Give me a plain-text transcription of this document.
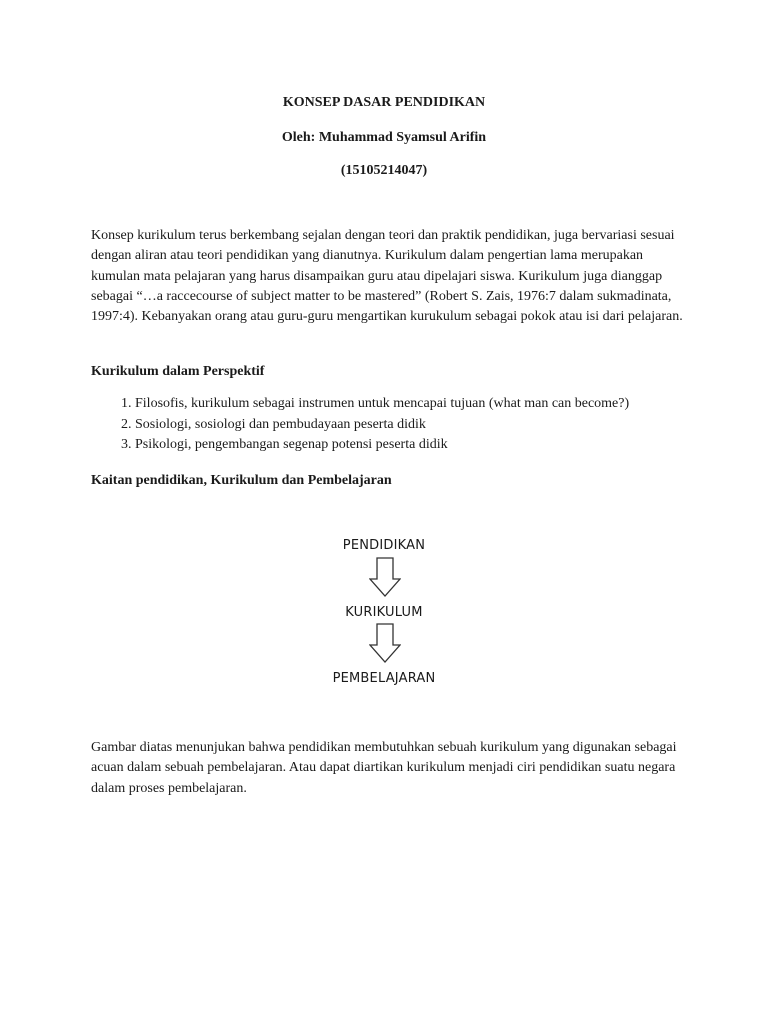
KONSEP DASAR PENDIDIKAN
Oleh: Muhammad Syamsul Arifin
(15105214047)

Konsep kurikulum terus berkembang sejalan dengan teori dan praktik pendidikan, juga bervariasi sesuai dengan aliran atau teori pendidikan yang dianutnya. Kurikulum dalam pengertian lama merupakan kumulan mata pelajaran yang harus disampaikan guru atau dipelajari siswa. Kurikulum juga dianggap sebagai “…a raccecourse of subject matter to be mastered” (Robert S. Zais, 1976:7 dalam sukmadinata, 1997:4). Kebanyakan orang atau guru-guru mengartikan kurukulum sebagai pokok atau isi dari pelajaran.

Kurikulum dalam Perspektif
1. Filosofis, kurikulum sebagai instrumen untuk mencapai tujuan (what man can become?)
2. Sosiologi, sosiologi dan pembudayaan peserta didik
3. Psikologi, pengembangan segenap potensi peserta didik
Kaitan pendidikan, Kurikulum dan Pembelajaran
PENDIDIKAN
KURIKULUM
PEMBELAJARAN

Gambar diatas menunjukan bahwa pendidikan membutuhkan sebuah kurikulum yang digunakan sebagai acuan dalam sebuah pembelajaran. Atau dapat diartikan kurikulum menjadi ciri pendidikan suatu negara dalam proses pembelajaran.
